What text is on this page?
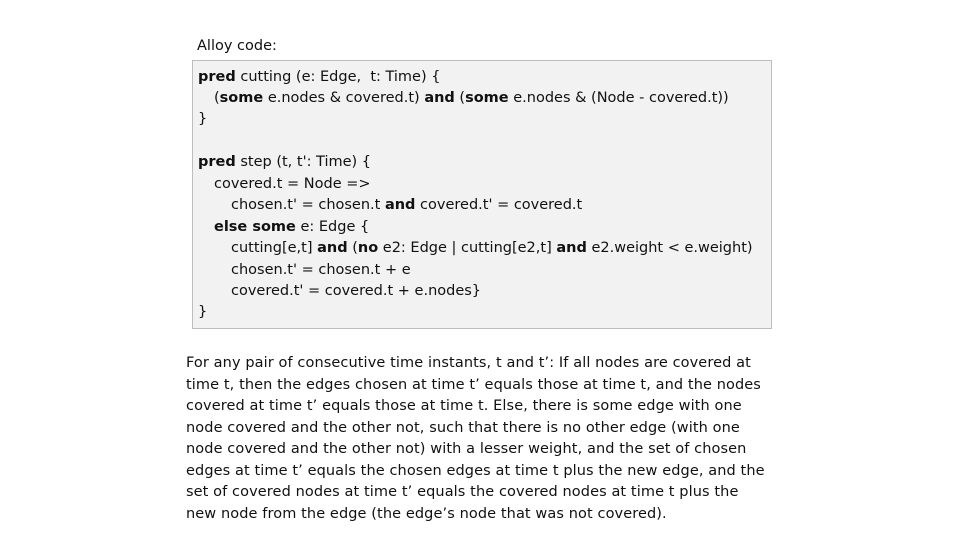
Alloy code:
pred cutting (e: Edge,  t: Time) {
(some e.nodes & covered.t) and (some e.nodes & (Node - covered.t))
}
pred step (t, t': Time) {
covered.t = Node =>
chosen.t' = chosen.t and covered.t' = covered.t
else some e: Edge {
cutting[e,t] and (no e2: Edge | cutting[e2,t] and e2.weight < e.weight)
chosen.t' = chosen.t + e
covered.t' = covered.t + e.nodes}
}
For any pair of consecutive time instants, t and t’: If all nodes are covered at
time t, then the edges chosen at time t’ equals those at time t, and the nodes
covered at time t’ equals those at time t. Else, there is some edge with one
node covered and the other not, such that there is no other edge (with one
node covered and the other not) with a lesser weight, and the set of chosen
edges at time t’ equals the chosen edges at time t plus the new edge, and the
set of covered nodes at time t’ equals the covered nodes at time t plus the
new node from the edge (the edge’s node that was not covered).
